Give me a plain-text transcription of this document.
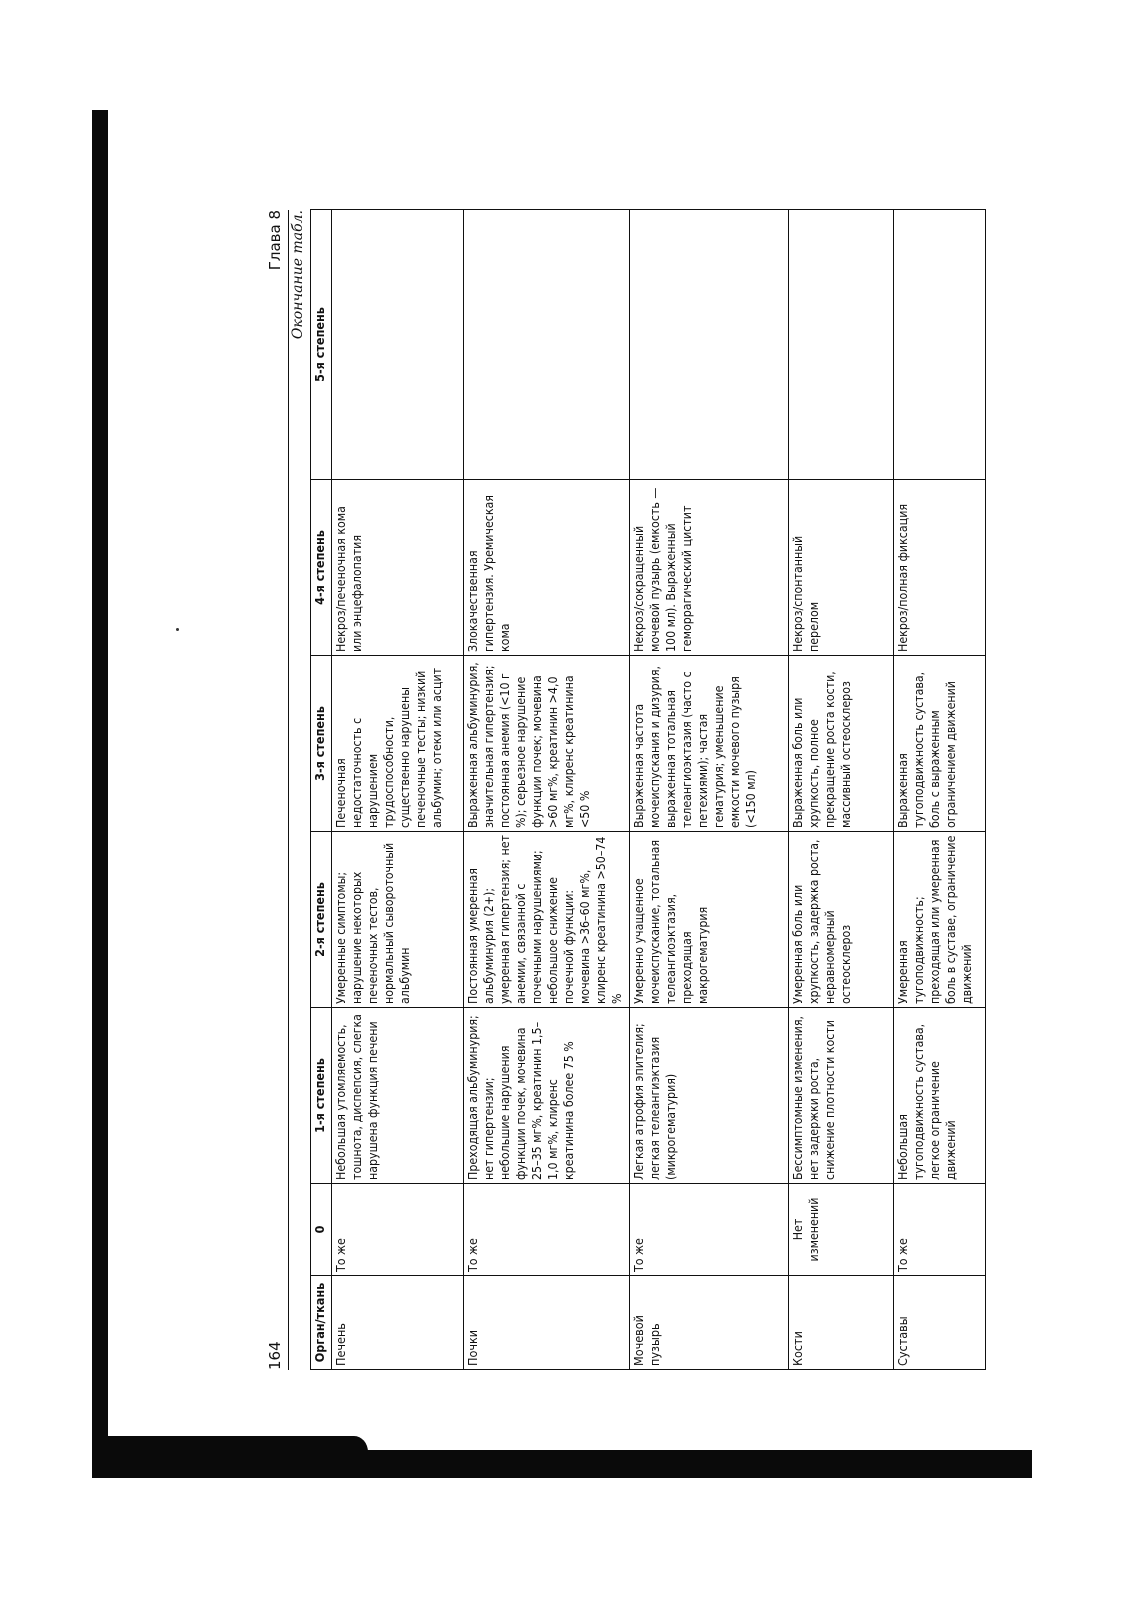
164
Глава 8 Окончание табл.
Орган/ткань	0	1-я степень	2-я степень	3-я степень	4-я степень	5-я степень
Печень	То же	Небольшая утомляемость, тошнота, диспепсия, слегка нарушена функция печени	Умеренные симптомы; нарушение некоторых печеночных тестов, нормальный сывороточный альбумин	Печеночная недостаточность с нарушением трудоспособности, существенно нарушены печеночные тесты; низкий альбумин; отеки или асцит	Некроз/печеночная кома или энцефалопатия	
Почки	То же	Преходящая альбуминурия; нет гипертензии; небольшие нарушения функции почек, мочевина 25–35 мг%, креатинин 1,5–1,0 мг%, клиренс креатинина более 75 %	Постоянная умеренная альбуминурия (2+); умеренная гипертензия; нет анемии, связанной с почечными нарушениями; небольшое снижение почечной функции: мочевина >36–60 мг%, клиренс креатинина >50–74 %	Выраженная альбуминурия, значительная гипертензия; постоянная анемия (<10 г %); серьезное нарушение функции почек; мочевина >60 мг%, креатинин >4,0 мг%, клиренс креатинина <50 %	Злокачественная гипертензия. Уремическая кома	
Мочевой пузырь	То же	Легкая атрофия эпителия; легкая телеангиэктазия (микрогематурия)	Умеренно учащенное мочеиспускание, тотальная телеангиоэктазия, преходящая макрогематурия	Выраженная частота мочеиспускания и дизурия, выраженная тотальная телеангиоэктазия (часто с петехиями); частая гематурия; уменьшение емкости мочевого пузыря (<150 мл)	Некроз/сокращенный мочевой пузырь (емкость — 100 мл). Выраженный геморрагический цистит	
Кости	Нет изменений	Бессимптомные изменения, нет задержки роста, снижение плотности кости	Умеренная боль или хрупкость, задержка роста, неравномерный остеосклероз	Выраженная боль или хрупкость, полное прекращение роста кости, массивный остеосклероз	Некроз/спонтанный перелом	
Суставы	То же	Небольшая тугоподвижность сустава, легкое ограничение движений	Умеренная тугоподвижность; преходящая или умеренная боль в суставе, ограничение движений	Выраженная тугоподвижность сустава, боль с выраженным ограничением движений	Некроз/полная фиксация	
